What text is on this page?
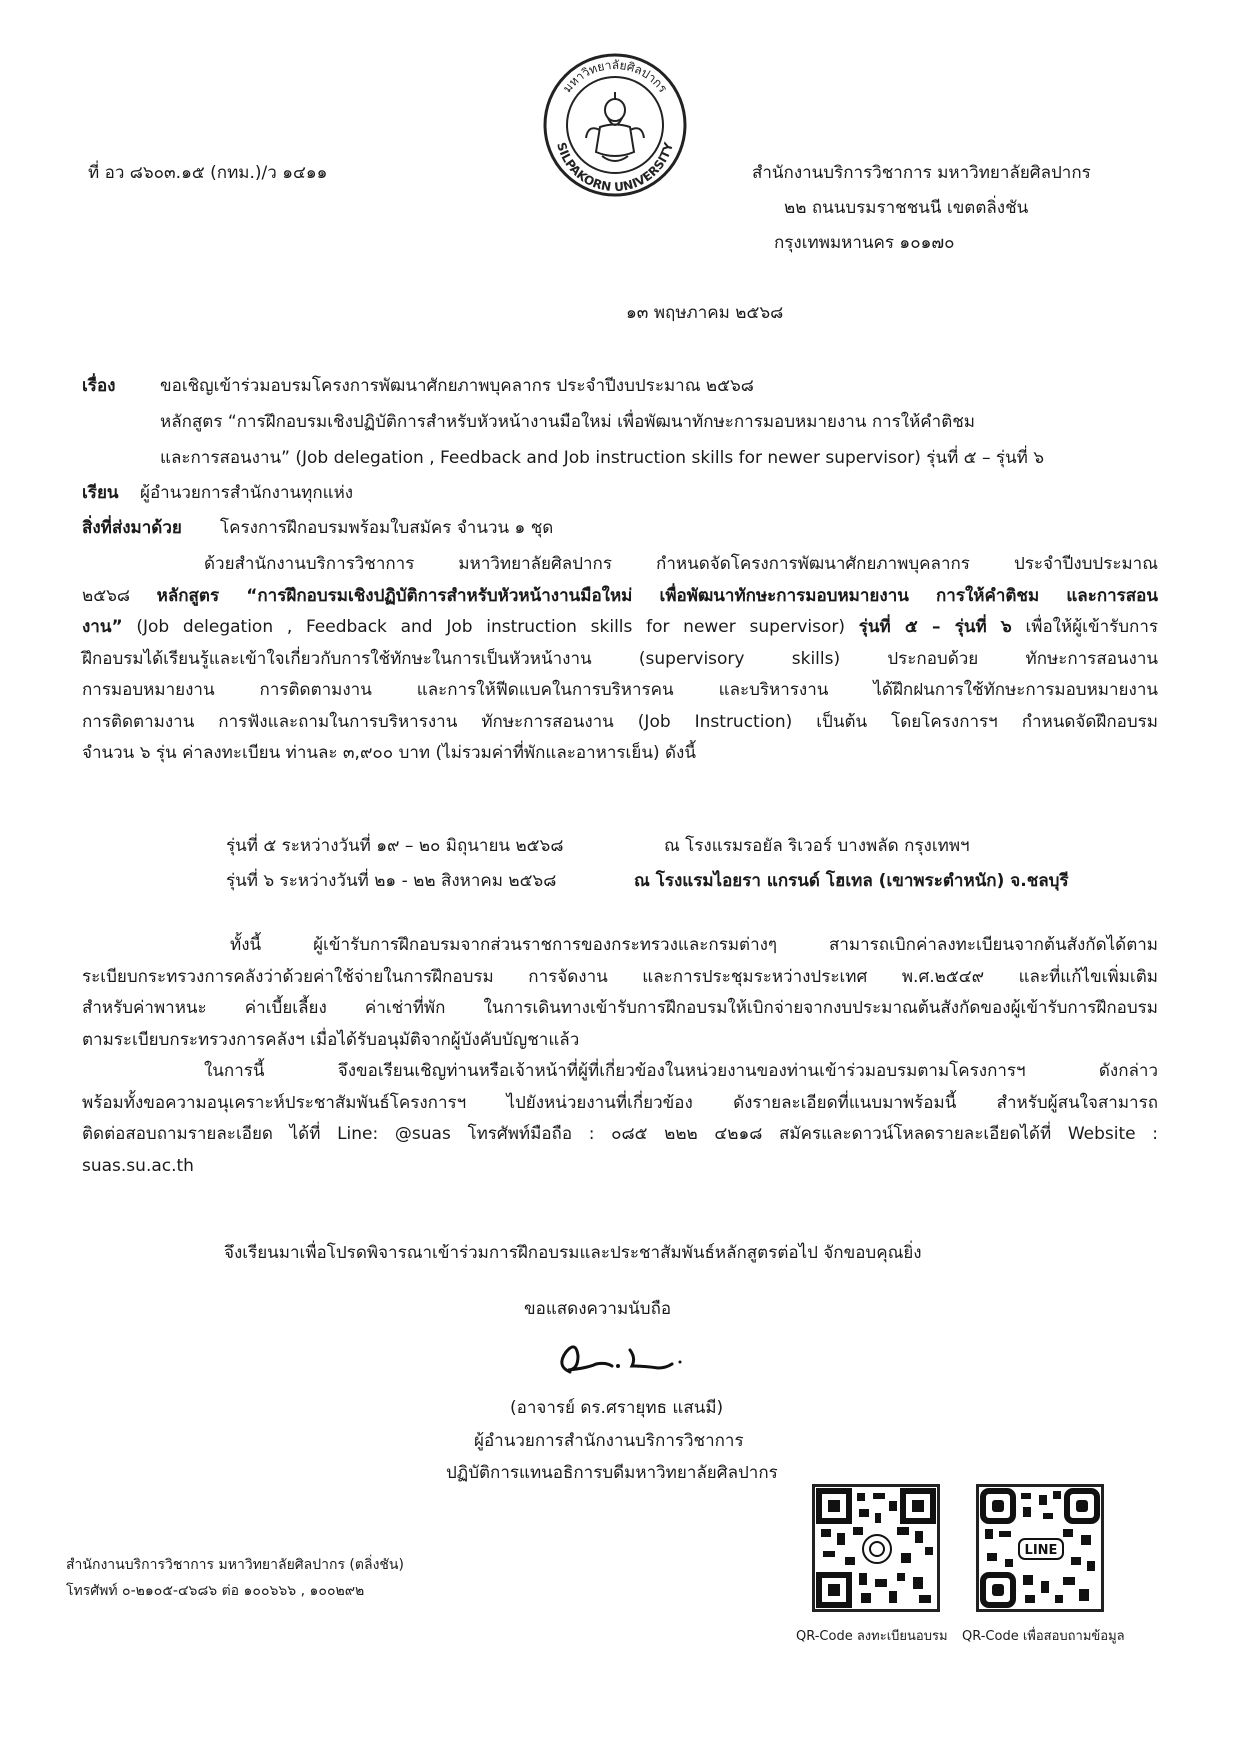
มหาวิทยาลัยศิลปากร
SILPAKORN UNIVERSITY
ที่ อว ๘๖๐๓.๑๕ (กทม.)/ว ๑๔๑๑	สำนักงานบริการวิชาการ มหาวิทยาลัยศิลปากร
๒๒ ถนนบรมราชชนนี เขตตลิ่งชัน
กรุงเทพมหานคร ๑๐๑๗๐
๑๓ พฤษภาคม ๒๕๖๘
เรื่อง	ขอเชิญเข้าร่วมอบรมโครงการพัฒนาศักยภาพบุคลากร ประจำปีงบประมาณ ๒๕๖๘
หลักสูตร “การฝึกอบรมเชิงปฏิบัติการสำหรับหัวหน้างานมือใหม่ เพื่อพัฒนาทักษะการมอบหมายงาน การให้คำติชม
และการสอนงาน” (Job delegation , Feedback and Job instruction skills for newer supervisor) รุ่นที่ ๕ – รุ่นที่ ๖
เรียน ผู้อำนวยการสำนักงานทุกแห่ง
สิ่งที่ส่งมาด้วย โครงการฝึกอบรมพร้อมใบสมัคร จำนวน ๑ ชุด
ด้วยสำนักงานบริการวิชาการ มหาวิทยาลัยศิลปากร กำหนดจัดโครงการพัฒนาศักยภาพบุคลากร ประจำปีงบประมาณ
๒๕๖๘ หลักสูตร “การฝึกอบรมเชิงปฏิบัติการสำหรับหัวหน้างานมือใหม่ เพื่อพัฒนาทักษะการมอบหมายงาน การให้คำติชม และการสอน
งาน” (Job delegation , Feedback and Job instruction skills for newer supervisor) รุ่นที่ ๕ – รุ่นที่ ๖ เพื่อให้ผู้เข้ารับการ
ฝึกอบรมได้เรียนรู้และเข้าใจเกี่ยวกับการใช้ทักษะในการเป็นหัวหน้างาน (supervisory skills) ประกอบด้วย ทักษะการสอนงาน
การมอบหมายงาน การติดตามงาน และการให้ฟีดแบคในการบริหารคน และบริหารงาน ได้ฝึกฝนการใช้ทักษะการมอบหมายงาน
การติดตามงาน การฟังและถามในการบริหารงาน ทักษะการสอนงาน (Job Instruction) เป็นต้น โดยโครงการฯ กำหนดจัดฝึกอบรม
จำนวน ๖ รุ่น ค่าลงทะเบียน ท่านละ ๓,๙๐๐ บาท (ไม่รวมค่าที่พักและอาหารเย็น) ดังนี้
รุ่นที่ ๕ ระหว่างวันที่ ๑๙ – ๒๐ มิถุนายน ๒๕๖๘	ณ โรงแรมรอยัล ริเวอร์ บางพลัด กรุงเทพฯ
รุ่นที่ ๖ ระหว่างวันที่ ๒๑ - ๒๒ สิงหาคม ๒๕๖๘	ณ โรงแรมไอยรา แกรนด์ โฮเทล (เขาพระตำหนัก) จ.ชลบุรี
ทั้งนี้ ผู้เข้ารับการฝึกอบรมจากส่วนราชการของกระทรวงและกรมต่างๆ สามารถเบิกค่าลงทะเบียนจากต้นสังกัดได้ตาม
ระเบียบกระทรวงการคลังว่าด้วยค่าใช้จ่ายในการฝึกอบรม การจัดงาน และการประชุมระหว่างประเทศ พ.ศ.๒๕๔๙ และที่แก้ไขเพิ่มเติม
สำหรับค่าพาหนะ ค่าเบี้ยเลี้ยง ค่าเช่าที่พัก ในการเดินทางเข้ารับการฝึกอบรมให้เบิกจ่ายจากงบประมาณต้นสังกัดของผู้เข้ารับการฝึกอบรม
ตามระเบียบกระทรวงการคลังฯ เมื่อได้รับอนุมัติจากผู้บังคับบัญชาแล้ว
ในการนี้ จึงขอเรียนเชิญท่านหรือเจ้าหน้าที่ผู้ที่เกี่ยวข้องในหน่วยงานของท่านเข้าร่วมอบรมตามโครงการฯ ดังกล่าว
พร้อมทั้งขอความอนุเคราะห์ประชาสัมพันธ์โครงการฯ ไปยังหน่วยงานที่เกี่ยวข้อง ดังรายละเอียดที่แนบมาพร้อมนี้ สำหรับผู้สนใจสามารถ
ติดต่อสอบถามรายละเอียด ได้ที่ Line: @suas โทรศัพท์มือถือ : ๐๘๕ ๒๒๒ ๔๒๑๘ สมัครและดาวน์โหลดรายละเอียดได้ที่ Website :
suas.su.ac.th
จึงเรียนมาเพื่อโปรดพิจารณาเข้าร่วมการฝึกอบรมและประชาสัมพันธ์หลักสูตรต่อไป จักขอบคุณยิ่ง
ขอแสดงความนับถือ
(อาจารย์ ดร.ศรายุทธ แสนมี)
ผู้อำนวยการสำนักงานบริการวิชาการ
ปฏิบัติการแทนอธิการบดีมหาวิทยาลัยศิลปากร
สำนักงานบริการวิชาการ มหาวิทยาลัยศิลปากร (ตลิ่งชัน)
โทรศัพท์ ๐-๒๑๐๕-๔๖๘๖ ต่อ ๑๐๐๖๖๖ , ๑๐๐๒๙๒
QR-Code ลงทะเบียนอบรม
LINE
QR-Code เพื่อสอบถามข้อมูล
